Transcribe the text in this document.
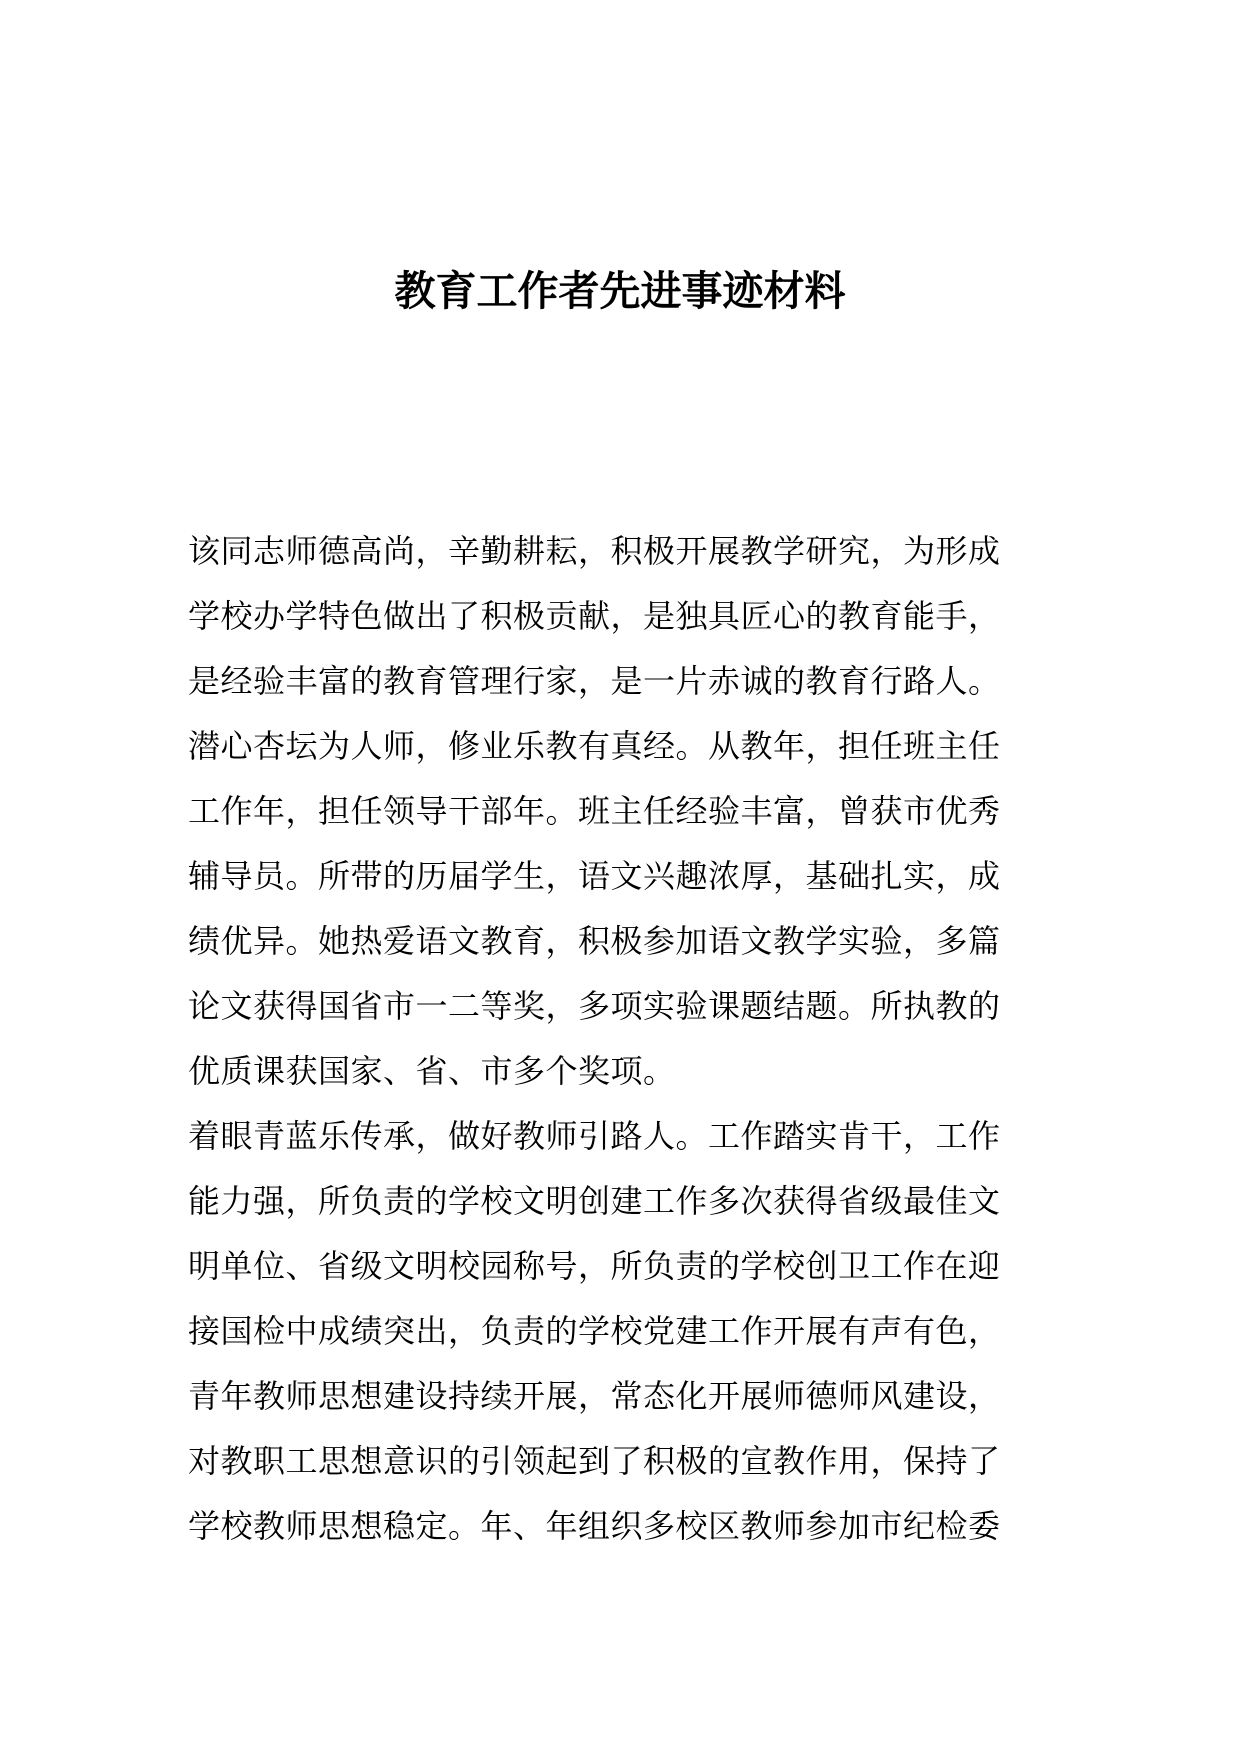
教育工作者先进事迹材料
该同志师德高尚，辛勤耕耘，积极开展教学研究，为形成
学校办学特色做出了积极贡献，是独具匠心的教育能手，
是经验丰富的教育管理行家，是一片赤诚的教育行路人。
潜心杏坛为人师，修业乐教有真经。从教年，担任班主任
工作年，担任领导干部年。班主任经验丰富，曾获市优秀
辅导员。所带的历届学生，语文兴趣浓厚，基础扎实，成
绩优异。她热爱语文教育，积极参加语文教学实验，多篇
论文获得国省市一二等奖，多项实验课题结题。所执教的
优质课获国家、省、市多个奖项。
着眼青蓝乐传承，做好教师引路人。工作踏实肯干，工作
能力强，所负责的学校文明创建工作多次获得省级最佳文
明单位、省级文明校园称号，所负责的学校创卫工作在迎
接国检中成绩突出，负责的学校党建工作开展有声有色，
青年教师思想建设持续开展，常态化开展师德师风建设，
对教职工思想意识的引领起到了积极的宣教作用，保持了
学校教师思想稳定。年、年组织多校区教师参加市纪检委
